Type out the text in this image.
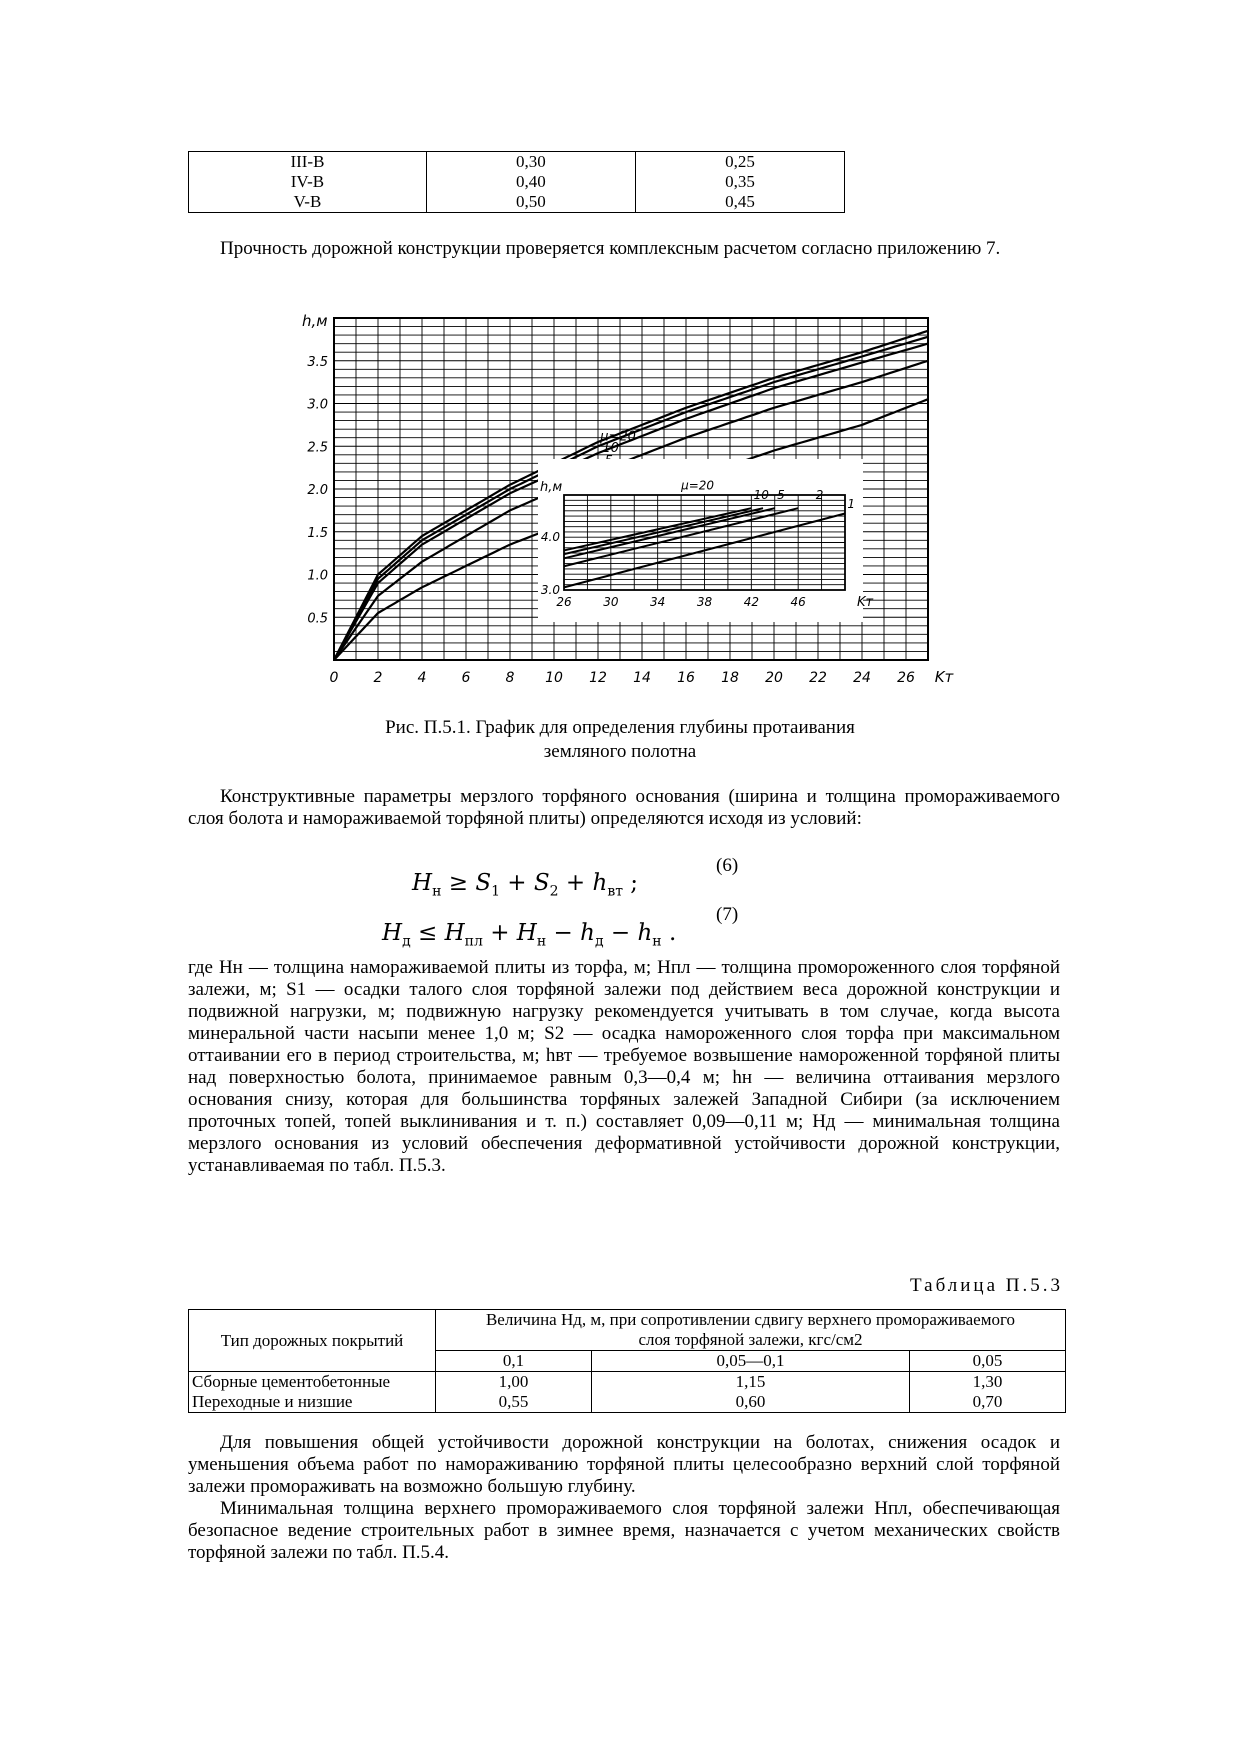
III-B	0,30	0,25
IV-B	0,40	0,35
V-B	0,50	0,45

Прочность дорожной конструкции проверяется комплексным расчетом согласно приложению 7.

0	2	4	6	8 10 12 14 16 18 20 22 24 26
0.5
1.0
1.5
2.0
2.5
3.0
3.5
h,м
Kт
μ=20
10
26	30	34	38	42	46
3.0
4.0
h,м
Kт
μ=20
10 5	2
1
Рис. П.5.1. График для определения глубины протаивания
земляного полотна

Конструктивные параметры мерзлого торфяного основания (ширина и толщина промораживаемого слоя болота и намораживаемой торфяной плиты) определяются исходя из условий:

(6)
$H_н \ge S_1 + S_2 + h_{вт}$ ;
(7)
$H_д \le H_{пл} + H_н - h_д - h_н$ .

где Hн — толщина намораживаемой плиты из торфа, м; Hпл — толщина промороженного слоя торфяной залежи, м; S1 — осадки талого слоя торфяной залежи под действием веса дорожной конструкции и подвижной нагрузки, м; подвижную нагрузку рекомендуется учитывать в том случае, когда высота минеральной части насыпи менее 1,0 м; S2 — осадка намороженного слоя торфа при максимальном оттаивании его в период строительства, м; hвт — требуемое возвышение намороженной торфяной плиты над поверхностью болота, принимаемое равным 0,3—0,4 м; hн — величина оттаивания мерзлого основания снизу, которая для большинства торфяных залежей Западной Сибири (за исключением проточных топей, топей выклинивания и т. п.) составляет 0,09—0,11 м; Hд — минимальная толщина мерзлого основания из условий обеспечения деформативной устойчивости дорожной конструкции, устанавливаемая по табл. П.5.3.

Таблица П.5.3
Тип дорожных покрытий	Величина Hд, м, при сопротивлении сдвигу верхнего промораживаемого
слоя торфяной залежи, кгс/см2		

	0,1	0,05—0,1	0,05
Сборные цементобетонные	1,00	1,15	1,30
Переходные и низшие	0,55	0,60	0,70

Для повышения общей устойчивости дорожной конструкции на болотах, снижения осадок и уменьшения объема работ по намораживанию торфяной плиты целесообразно верхний слой торфяной залежи промораживать на возможно большую глубину.

Минимальная толщина верхнего промораживаемого слоя торфяной залежи Hпл, обеспечивающая безопасное ведение строительных работ в зимнее время, назначается с учетом механических свойств торфяной залежи по табл. П.5.4.
